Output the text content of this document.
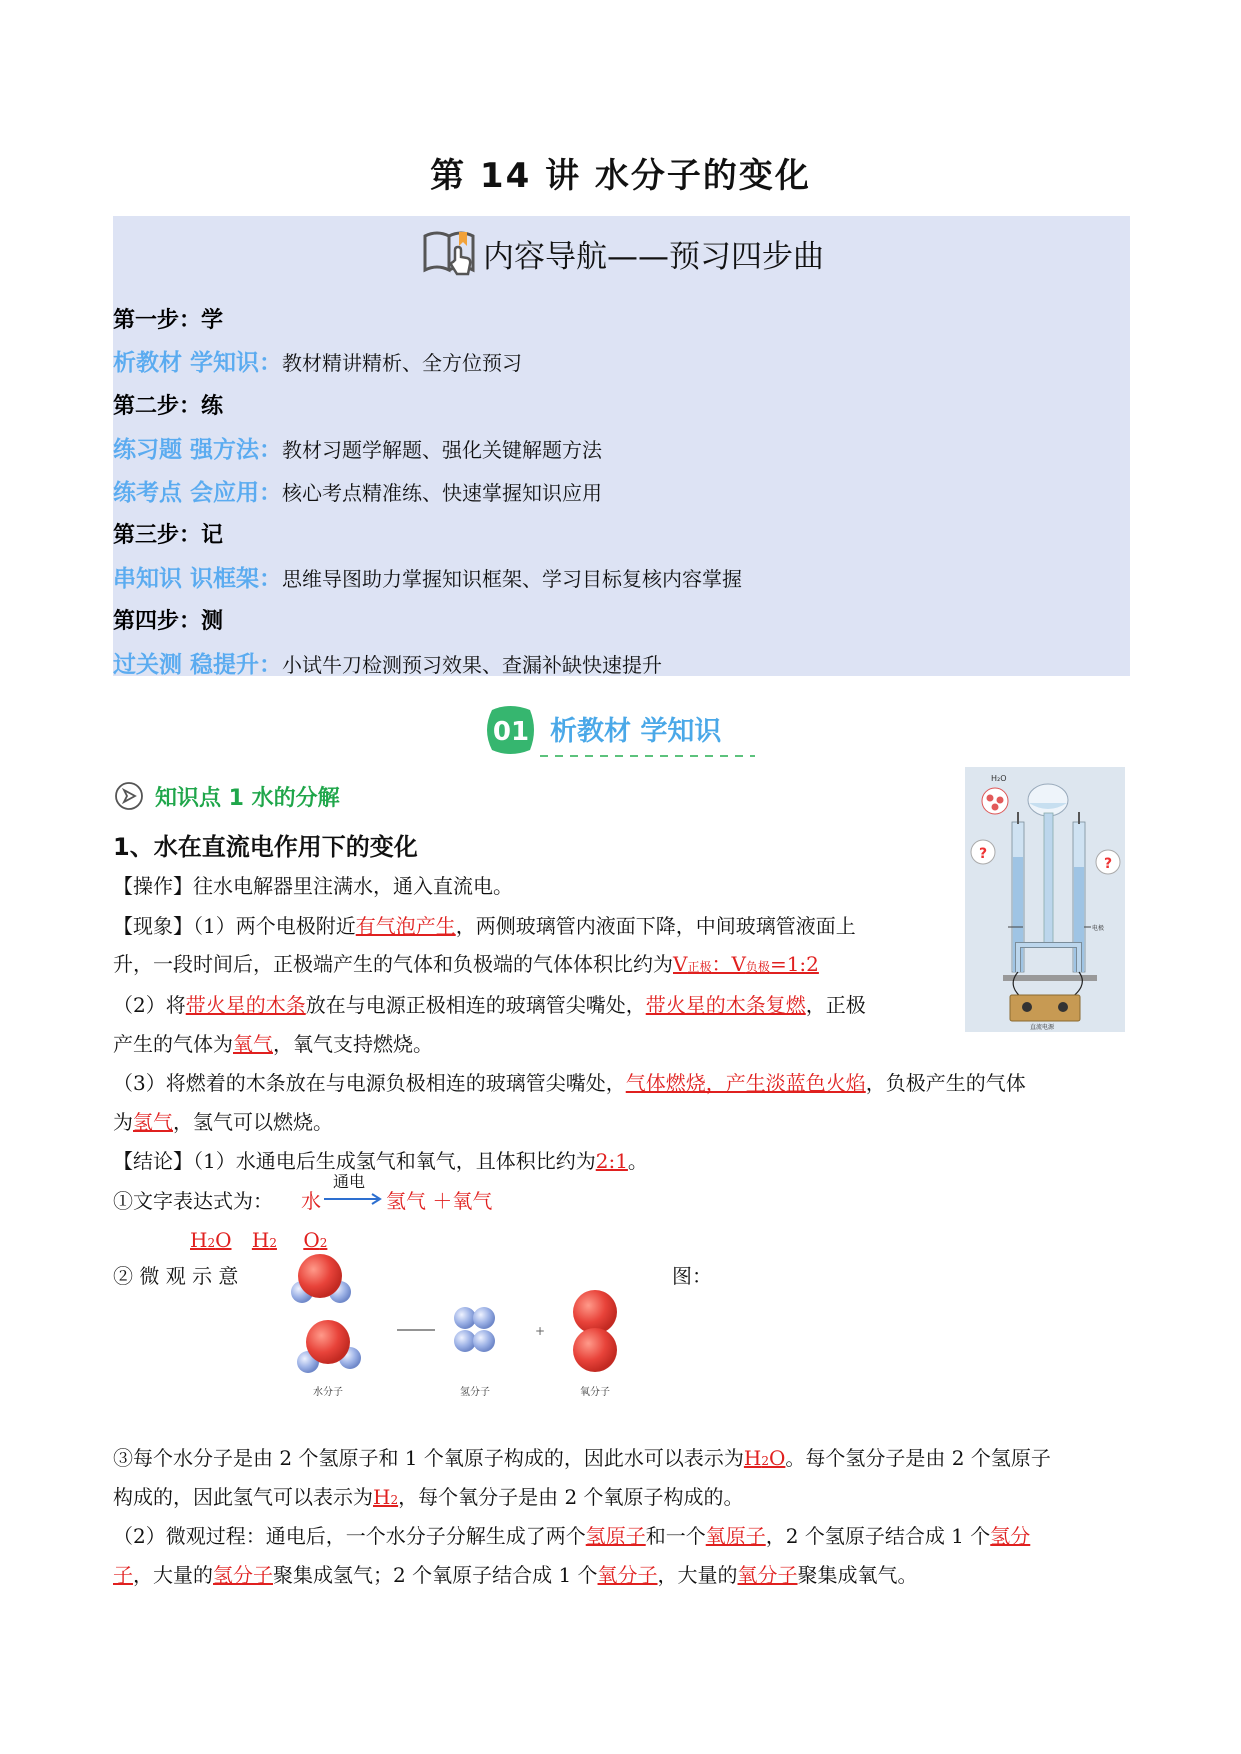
第 14 讲 水分子的变化
内容导航——预习四步曲
第一步：学
析教材 学知识：教材精讲精析、全方位预习
第二步：练
练习题 强方法：教材习题学解题、强化关键解题方法
练考点 会应用：核心考点精准练、快速掌握知识应用
第三步：记
串知识 识框架：思维导图助力掌握知识框架、学习目标复核内容掌握
第四步：测
过关测 稳提升：小试牛刀检测预习效果、查漏补缺快速提升
01 析教材 学知识
知识点 1 水的分解
1、水在直流电作用下的变化
H₂O
?
?
电极
直流电源
【操作】往水电解器里注满水，通入直流电。
【现象】（1）两个电极附近有气泡产生，两侧玻璃管内液面下降，中间玻璃管液面上
升，一段时间后，正极端产生的气体和负极端的气体体积比约为V正极：V负极=1:2
（2）将带火星的木条放在与电源正极相连的玻璃管尖嘴处，带火星的木条复燃，正极
产生的气体为氧气，氧气支持燃烧。
（3）将燃着的木条放在与电源负极相连的玻璃管尖嘴处，气体燃烧，产生淡蓝色火焰，负极产生的气体
为氢气，氢气可以燃烧。
【结论】（1）水通电后生成氢气和氧气，且体积比约为2:1。
①文字表达式为： 水
通电
→ 氢气 ＋氧气
H2O H2 O2
② 微 观 示 意	图：
+
水分子	氢分子	氧分子
③每个水分子是由 2 个氢原子和 1 个氧原子构成的，因此水可以表示为H2O。每个氢分子是由 2 个氢原子
构成的，因此氢气可以表示为H2，每个氧分子是由 2 个氧原子构成的。
（2）微观过程：通电后，一个水分子分解生成了两个氢原子和一个氧原子，2 个氢原子结合成 1 个氢分
子，大量的氢分子聚集成氢气；2 个氧原子结合成 1 个氧分子，大量的氧分子聚集成氧气。
